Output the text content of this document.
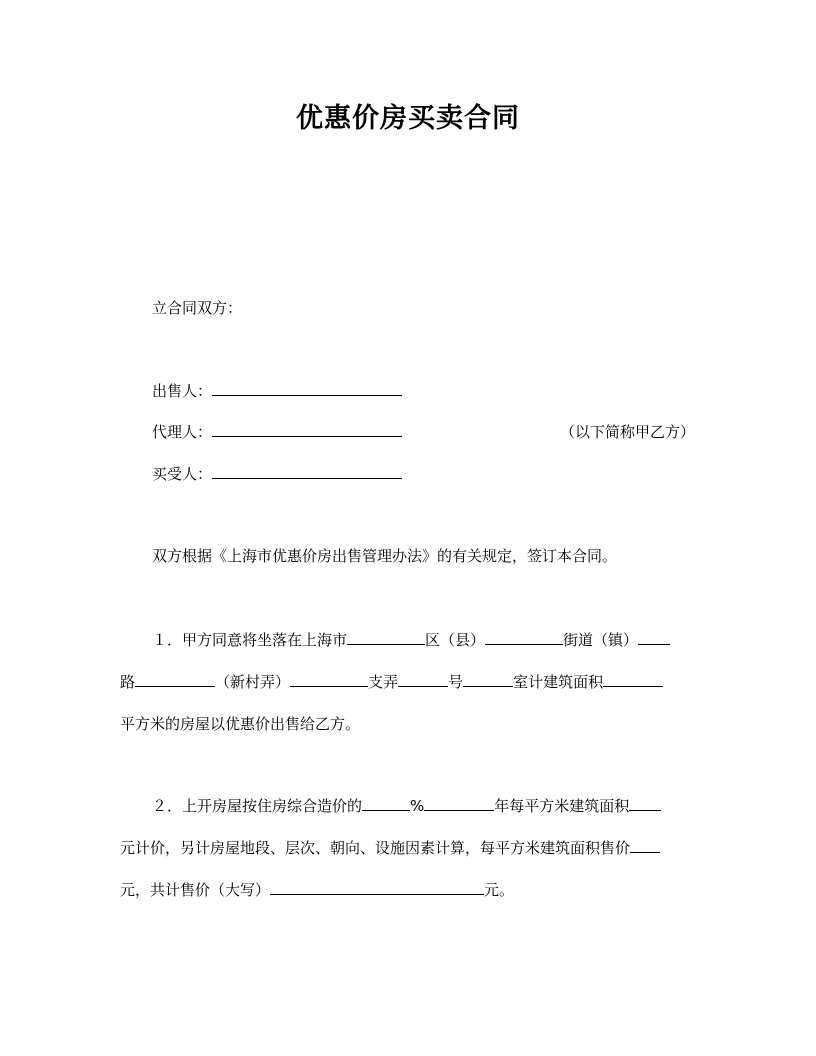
优惠价房买卖合同
立合同双方：
出售人：
代理人：	（以下简称甲乙方）
买受人：
双方根据《上海市优惠价房出售管理办法》的有关规定，签订本合同。
１．甲方同意将坐落在上海市	区（县）	街道（镇）
路	（新村弄）	支弄	号	室计建筑面积
平方米的房屋以优惠价出售给乙方。
２．上开房屋按住房综合造价的	%	年每平方米建筑面积
元计价，另计房屋地段、层次、朝向、设施因素计算，每平方米建筑面积售价
元，共计售价（大写）	元。
